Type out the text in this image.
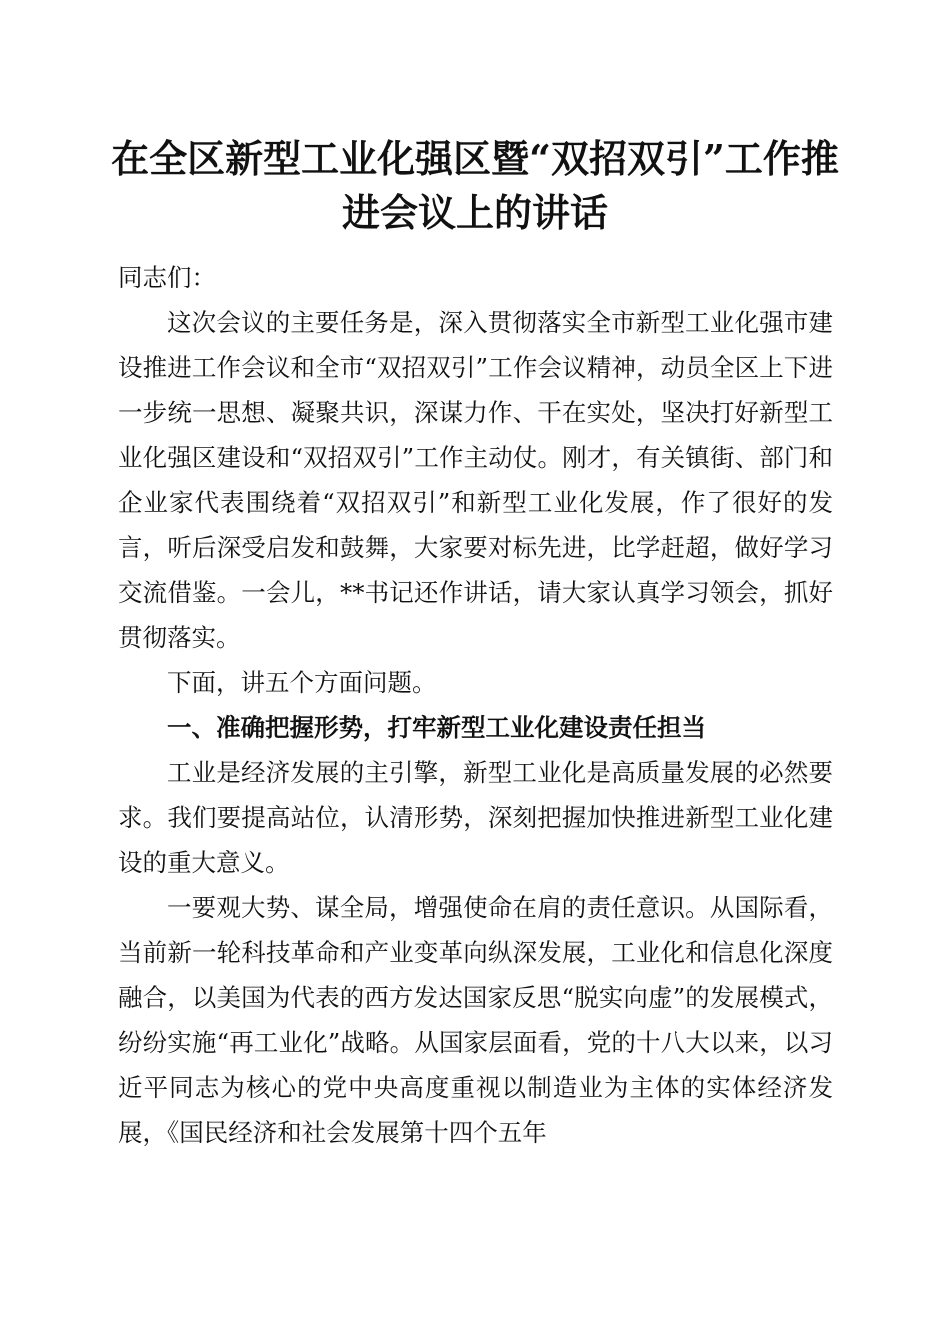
在全区新型工业化强区暨“双招双引”工作推
进会议上的讲话

同志们：

这次会议的主要任务是，深入贯彻落实全市新型工业化强市建设推进工作会议和全市“双招双引”工作会议精神，动员全区上下进一步统一思想、凝聚共识，深谋力作、干在实处，坚决打好新型工业化强区建设和“双招双引”工作主动仗。刚才，有关镇街、部门和企业家代表围绕着“双招双引”和新型工业化发展，作了很好的发言，听后深受启发和鼓舞，大家要对标先进，比学赶超，做好学习交流借鉴。一会儿，**书记还作讲话，请大家认真学习领会，抓好贯彻落实。

下面，讲五个方面问题。

一、准确把握形势，打牢新型工业化建设责任担当

工业是经济发展的主引擎，新型工业化是高质量发展的必然要求。我们要提高站位，认清形势，深刻把握加快推进新型工业化建设的重大意义。

一要观大势、谋全局，增强使命在肩的责任意识。从国际看，当前新一轮科技革命和产业变革向纵深发展，工业化和信息化深度融合，以美国为代表的西方发达国家反思“脱实向虚”的发展模式，纷纷实施“再工业化”战略。从国家层面看，党的十八大以来，以习近平同志为核心的党中央高度重视以制造业为主体的实体经济发展，《国民经济和社会发展第十四个五年
